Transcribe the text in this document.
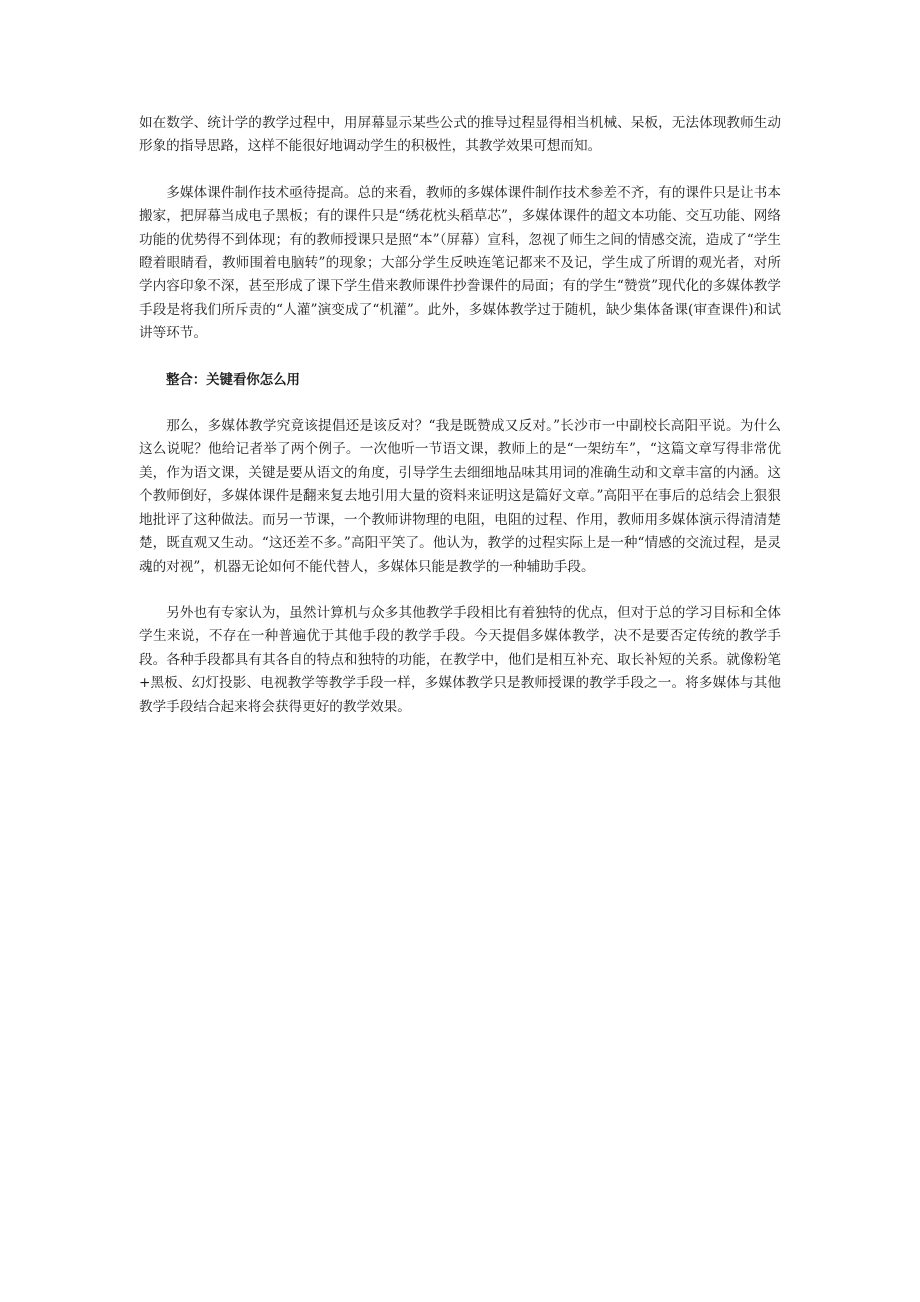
如在数学、统计学的教学过程中，用屏幕显示某些公式的推导过程显得相当机械、呆板，无法体现教师生动形象的指导思路，这样不能很好地调动学生的积极性，其教学效果可想而知。

多媒体课件制作技术亟待提高。总的来看，教师的多媒体课件制作技术参差不齐，有的课件只是让书本搬家，把屏幕当成电子黑板；有的课件只是“绣花枕头稻草芯”，多媒体课件的超文本功能、交互功能、网络功能的优势得不到体现；有的教师授课只是照“本”（屏幕）宣科，忽视了师生之间的情感交流，造成了“学生瞪着眼睛看，教师围着电脑转”的现象；大部分学生反映连笔记都来不及记，学生成了所谓的观光者，对所学内容印象不深，甚至形成了课下学生借来教师课件抄誊课件的局面；有的学生“赞赏”现代化的多媒体教学手段是将我们所斥责的“人灌”演变成了“机灌”。此外，多媒体教学过于随机，缺少集体备课(审查课件)和试讲等环节。

整合：关键看你怎么用

那么，多媒体教学究竟该提倡还是该反对？“我是既赞成又反对。”长沙市一中副校长高阳平说。为什么这么说呢？他给记者举了两个例子。一次他听一节语文课，教师上的是“一架纺车”，“这篇文章写得非常优美，作为语文课，关键是要从语文的角度，引导学生去细细地品味其用词的准确生动和文章丰富的内涵。这个教师倒好，多媒体课件是翻来复去地引用大量的资料来证明这是篇好文章。”高阳平在事后的总结会上狠狠地批评了这种做法。而另一节课，一个教师讲物理的电阻，电阻的过程、作用，教师用多媒体演示得清清楚楚，既直观又生动。“这还差不多。”高阳平笑了。他认为，教学的过程实际上是一种“情感的交流过程，是灵魂的对视”，机器无论如何不能代替人，多媒体只能是教学的一种辅助手段。

另外也有专家认为，虽然计算机与众多其他教学手段相比有着独特的优点，但对于总的学习目标和全体学生来说，不存在一种普遍优于其他手段的教学手段。今天提倡多媒体教学，决不是要否定传统的教学手段。各种手段都具有其各自的特点和独特的功能，在教学中，他们是相互补充、取长补短的关系。就像粉笔+黑板、幻灯投影、电视教学等教学手段一样，多媒体教学只是教师授课的教学手段之一。将多媒体与其他教学手段结合起来将会获得更好的教学效果。
